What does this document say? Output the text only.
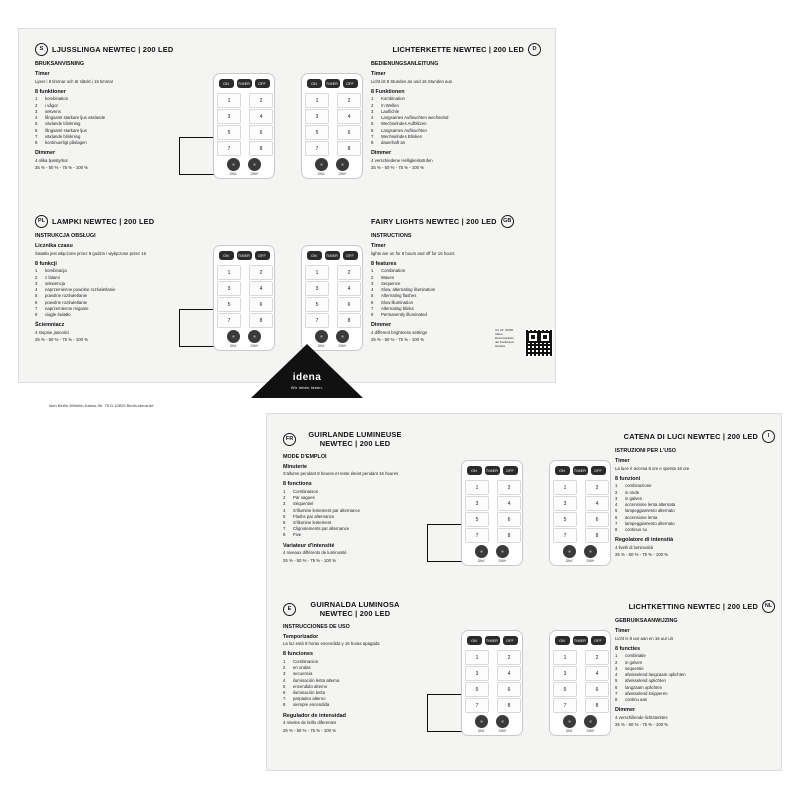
S	LJUSSLINGA NEWTEC | 200 LED
BRUKSANVISNING
Timer
Lyser i 8 timmar och är släckt i 16 timmar
8 funktioner
1	kombination
2	i vågor
3	sekvens
4	långsamt starkare ljus växlande
5	växlande blinkning
6	långsamt starkare ljus
7	växlande blinkning
8	kontinuerligt påslagen
Dimmer
4 olika ljusstyrkor
25 % - 50 % - 75 % - 100 %
ON	TIMER	OFF
1	2
3	4
5	6
7	8
DIM-	DIM+
ON	TIMER	OFF
1	2
3	4
5	6
7	8
DIM-	DIM+
LICHTERKETTE NEWTEC | 200 LED	D
BEDIENUNGSANLEITUNG
Timer
Licht ist 8 Stunden an und 16 Stunden aus
8 Funktionen
1	Kombination
2	In Wellen
3	Lauflichle
4	Langsames Aufleuchten wechselnd
5	Wechselndes Aufblitzen
6	Langsames Aufleuchten
7	Wechselndes Blinken
8	dauerhaft an
Dimmer
4 verschiedene Helligkeitsstufen
25 % - 50 % - 75 % - 100 %
PL LAMPKI NEWTEC | 200 LED
INSTRUKCJA OBSŁUGI
Licznika czasu
Światło jest włączone przez 8 godzin i wyłączone przez 16
8 funkcji
1	kombinacja
2	z falami
3	sekwencja
4	naprzemienne powolne rozświetlanie
5	powolne rozświetlanie
6	powolne rozświetlanie
7	naprzemienne miganie
8	ciągle światło
Ściemniacz
4 stopnie jasności
25 % - 50 % - 75 % - 100 %
ON	TIMER	OFF
1	2
3	4
5	6
7	8
DIM-	DIM+
ON	TIMER	OFF
1	2
3	4
5	6
7	8
DIM-	DIM+
FAIRY LIGHTS NEWTEC | 200 LED	GB
INSTRUCTIONS
Timer
lights are on for 8 hours and off for 16 hours
8 features
1	Combination
2	Waves
3	Sequence
4	Slow, alternating illumination
5	Alternating flashes
6	Slow illumination
7	Alternating blinks
8	Permanently illuminated
Dimmer
4 different brightness settings
25 % - 50 % - 75 % - 100 %
Art.-Nr. 31305
Video-Demonstration
der Funktionen
Hinweis
idena
Wir leben Ideen.
Iden Berlin Wilhelm-Kabus-Str. 75 D-10829 Berlin-idena.de
FR	GUIRLANDE LUMINEUSE NEWTEC | 200 LED
MODE D'EMPLOI
Minuterie
S'allume pendant 8 heures et reste éteint pendant 16 heures
8 fonctions
1	Combinaison
2	Par vagues
3	Séquentiel
4	S'illumine lentement par alternance
5	Flashs par alternance
6	S'illumine lentement
7	Clignotements par alternance
8	Fixe
Variateur d'intensité
4 niveaux différents de luminosité
25 % - 50 % - 75 % - 100 %
ON	TIMER	OFF
1	2
3	4
5	6
7	8
DIM-	DIM+
ON	TIMER	OFF
1	2
3	4
5	6
7	8
DIM-	DIM+
CATENA DI LUCI NEWTEC | 200 LED	I
ISTRUZIONI PER L'USO
Timer
La luce è accesa 8 ore e spenta 16 ore
8 funzioni
1	combinazione
2	in onde
3	in galven
4	accensione lenta alternata
5	lampeggiamento alternato
6	accensione lenta
7	lampeggiamento alternato
8	continuo su
Regolatore di intensità
4 livelli di luminosità
25 % - 50 % - 75 % - 100 %
E	GUIRNALDA LUMINOSA NEWTEC | 200 LED
INSTRUCCIONES DE USO
Temporizador
La luz está 8 horas encendida y 16 horas apagada
8 funciones
1	Combinacion
2	en ondas
3	secuencia
4	iluminación lenta alterna
5	encendido alterno
6	iluminación lenta
7	parpadeo alterno
8	siempre encendida
Regulador de intensidad
4 niveles de brillo diferentes
25 % - 50 % - 75 % - 100 %
ON	TIMER	OFF
1	2
3	4
5	6
7	8
DIM-	DIM+
ON	TIMER	OFF
1	2
3	4
5	6
7	8
DIM-	DIM+
LICHTKETTING NEWTEC | 200 LED	NL
GEBRUIKSAANWIJZING
Timer
Licht is 8 uur aan en 16 uur uit
8 functies
1	combinatie
2	in golven
3	sequentie
4	afwisselend langzaam oplichten
5	afwisselend oplichten
6	langzaam oplichten
7	afwisselend knipperen
8	continu aan
Dimmer
4 verschillende lichtsterktes
25 % - 50 % - 75 % - 100 %
